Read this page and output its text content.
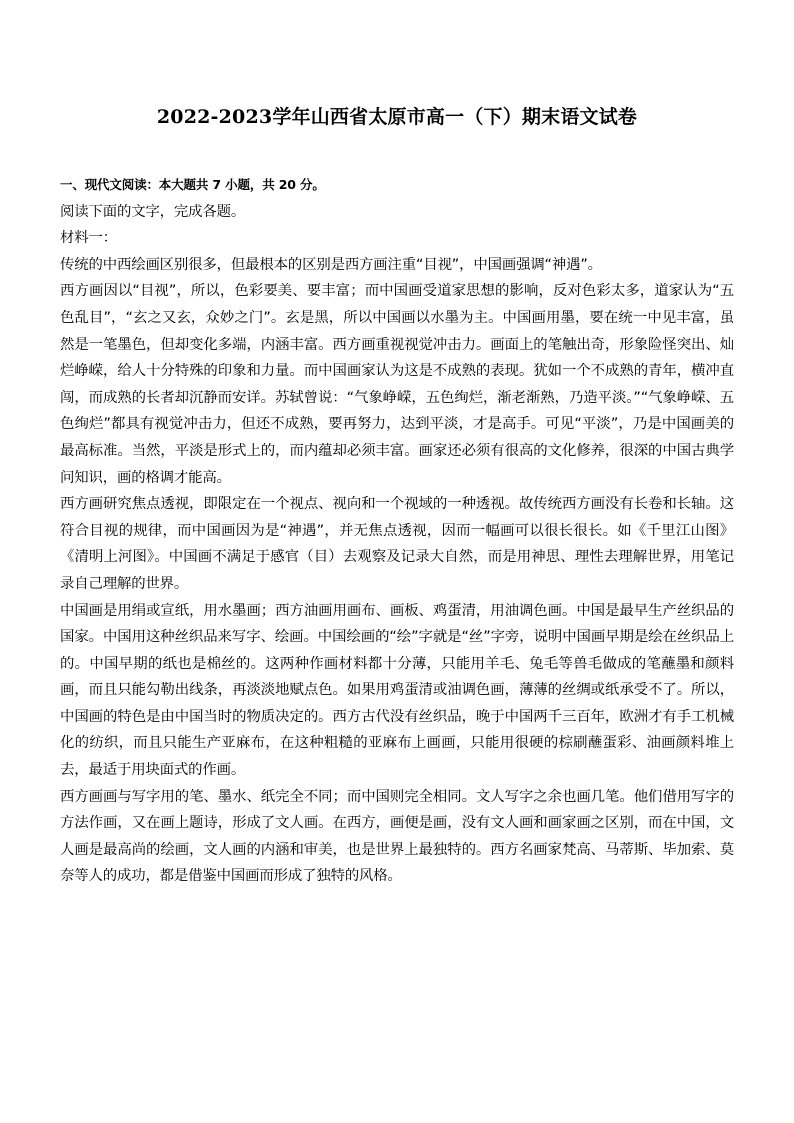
2022-2023学年山西省太原市高一（下）期末语文试卷

一、现代文阅读：本大题共 7 小题，共 20 分。

阅读下面的文字，完成各题。

材料一：

传统的中西绘画区别很多，但最根本的区别是西方画注重“目视”，中国画强调“神遇”。

西方画因以“目视”，所以，色彩要美、要丰富；而中国画受道家思想的影响，反对色彩太多，道家认为“五色乱目”，“玄之又玄，众妙之门”。玄是黑，所以中国画以水墨为主。中国画用墨，要在统一中见丰富，虽然是一笔墨色，但却变化多端，内涵丰富。西方画重视视觉冲击力。画面上的笔触出奇，形象险怪突出、灿烂峥嵘，给人十分特殊的印象和力量。而中国画家认为这是不成熟的表现。犹如一个不成熟的青年，横冲直闯，而成熟的长者却沉静而安详。苏轼曾说：“气象峥嵘，五色绚烂，渐老渐熟，乃造平淡。”“气象峥嵘、五色绚烂”都具有视觉冲击力，但还不成熟，要再努力，达到平淡，才是高手。可见“平淡”，乃是中国画美的最高标准。当然，平淡是形式上的，而内蕴却必须丰富。画家还必须有很高的文化修养，很深的中国古典学问知识，画的格调才能高。

西方画研究焦点透视，即限定在一个视点、视向和一个视域的一种透视。故传统西方画没有长卷和长轴。这符合目视的规律，而中国画因为是“神遇”，并无焦点透视，因而一幅画可以很长很长。如《千里江山图》《清明上河图》。中国画不满足于感官（目）去观察及记录大自然，而是用神思、理性去理解世界，用笔记录自己理解的世界。

中国画是用绢或宣纸，用水墨画；西方油画用画布、画板、鸡蛋清，用油调色画。中国是最早生产丝织品的国家。中国用这种丝织品来写字、绘画。中国绘画的“绘”字就是“丝”字旁，说明中国画早期是绘在丝织品上的。中国早期的纸也是棉丝的。这两种作画材料都十分薄，只能用羊毛、兔毛等兽毛做成的笔蘸墨和颜料画，而且只能勾勒出线条，再淡淡地赋点色。如果用鸡蛋清或油调色画，薄薄的丝绸或纸承受不了。所以，中国画的特色是由中国当时的物质决定的。西方古代没有丝织品，晚于中国两千三百年，欧洲才有手工机械化的纺织，而且只能生产亚麻布，在这种粗糙的亚麻布上画画，只能用很硬的棕刷蘸蛋彩、油画颜料堆上去，最适于用块面式的作画。

西方画画与写字用的笔、墨水、纸完全不同；而中国则完全相同。文人写字之余也画几笔。他们借用写字的方法作画，又在画上题诗，形成了文人画。在西方，画便是画，没有文人画和画家画之区别，而在中国，文人画是最高尚的绘画，文人画的内涵和审美，也是世界上最独特的。西方名画家梵高、马蒂斯、毕加索、莫奈等人的成功，都是借鉴中国画而形成了独特的风格。
